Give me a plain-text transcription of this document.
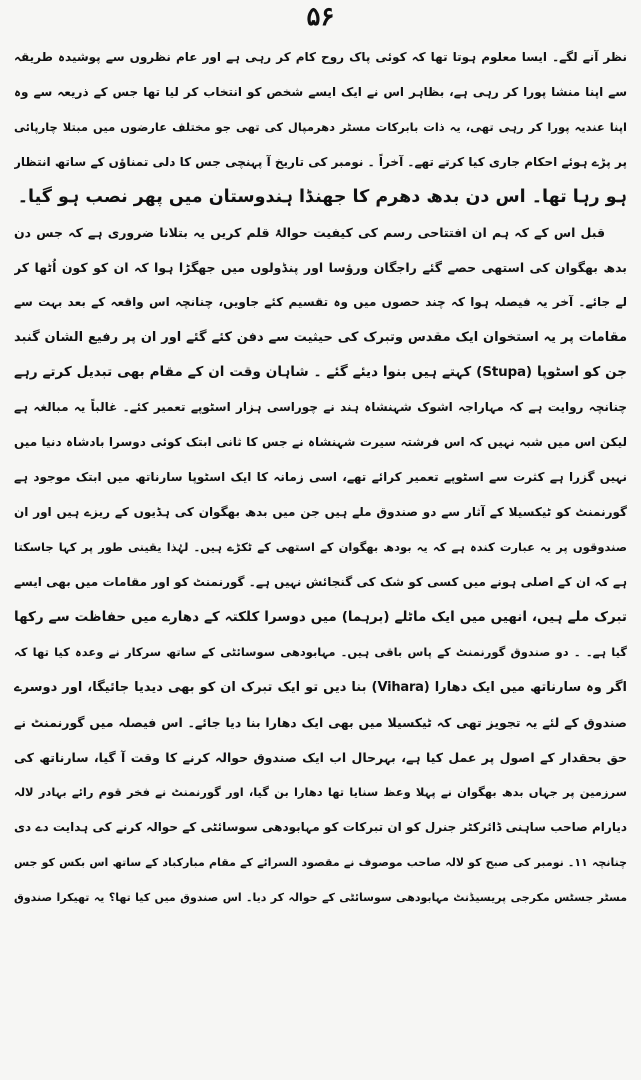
۵۶
نظر آنے لگے۔ ایسا معلوم ہوتا تھا کہ کوئی پاک روح کام کر رہی ہے اور عام نظروں سے پوشیدہ طریقہ
سے اپنا منشا پورا کر رہی ہے، بظاہر اس نے ایک ایسے شخص کو انتخاب کر لیا تھا جس کے ذریعہ سے وہ
اپنا عندیہ پورا کر رہی تھی، یہ ذات بابرکات مسٹر دھرمپال کی تھی جو مختلف عارضوں میں مبتلا چارپائی
پر پڑے ہوئے احکام جاری کیا کرتے تھے۔ آخراً ۔ نومبر کی تاریخ آ پہنچی جس کا دلی تمناؤں کے ساتھ انتظار
ہو رہا تھا۔ اس دن بدھ دھرم کا جھنڈا ہندوستان میں پھر نصب ہو گیا۔
قبل اس کے کہ ہم ان افتتاحی رسم کی کیفیت حوالۂ قلم کریں یہ بتلانا ضروری ہے کہ جس دن
بدھ بھگوان کی استھی حصے گئے راجگان ورؤسا اور پنڈولوں میں جھگڑا ہوا کہ ان کو کون اُٹھا کر
لے جائے۔ آخر یہ فیصلہ ہوا کہ چند حصوں میں وہ تقسیم کئے جاویں، چنانچہ اس واقعہ کے بعد بہت سے
مقامات پر یہ استخوان ایک مقدس وتبرک کی حیثیت سے دفن کئے گئے اور ان پر رفیع الشان گنبد
جن کو اسٹوپا (Stupa) کہتے ہیں بنوا دیئے گئے ۔ شاہان وقت ان کے مقام بھی تبدیل کرتے رہے
چنانچہ روایت ہے کہ مہاراجہ اشوک شہنشاہ ہند نے چوراسی ہزار اسٹوپے تعمیر کئے۔ غالباً یہ مبالغہ ہے
لیکن اس میں شبہ نہیں کہ اس فرشتہ سیرت شہنشاہ نے جس کا ثانی ابتک کوئی دوسرا بادشاہ دنیا میں
نہیں گزرا ہے کثرت سے اسٹوپے تعمیر کرائے تھے، اسی زمانہ کا ایک اسٹوپا سارناتھ میں ابتک موجود ہے
گورنمنٹ کو ٹیکسیلا کے آثار سے دو صندوق ملے ہیں جن میں بدھ بھگوان کی ہڈیوں کے ریزے ہیں اور ان
صندوقوں پر یہ عبارت کندہ ہے کہ یہ بودھ بھگوان کے استھی کے ٹکڑے ہیں۔ لہٰذا یقینی طور پر کہا جاسکتا
ہے کہ ان کے اصلی ہونے میں کسی کو شک کی گنجائش نہیں ہے۔ گورنمنٹ کو اور مقامات میں بھی ایسے
تبرک ملے ہیں، انھیں میں ایک ماٹلے (برہما) میں دوسرا کلکتہ کے دھارے میں حفاظت سے رکھا
گیا ہے۔ ۔ دو صندوق گورنمنٹ کے پاس باقی ہیں۔ مہابودھی سوسائٹی کے ساتھ سرکار نے وعدہ کیا تھا کہ
اگر وہ سارناتھ میں ایک دھارا (Vihara) بنا دیں تو ایک تبرک ان کو بھی دیدیا جائیگا، اور دوسرے
صندوق کے لئے یہ تجویز تھی کہ ٹیکسیلا میں بھی ایک دھارا بنا دیا جائے۔ اس فیصلہ میں گورنمنٹ نے
حق بحقدار کے اصول پر عمل کیا ہے، بہرحال اب ایک صندوق حوالہ کرنے کا وقت آ گیا، سارناتھ کی
سرزمین پر جہاں بدھ بھگوان نے پہلا وعظ سنایا تھا دھارا بن گیا، اور گورنمنٹ نے فخر قوم رائے بہادر لالہ
دیارام صاحب ساہنی ڈائرکٹر جنرل کو ان تبرکات کو مہابودھی سوسائٹی کے حوالہ کرنے کی ہدایت دے دی
چنانچہ ۱۱۔ نومبر کی صبح کو لالہ صاحب موصوف نے مقصود السرائے کے مقام مبارکباد کے ساتھ اس بکس کو جس
مسٹر جسٹس مکرجی پریسیڈنٹ مہابودھی سوسائٹی کے حوالہ کر دیا۔ اس صندوق میں کیا تھا؟ یہ تھیکرا صندوق
